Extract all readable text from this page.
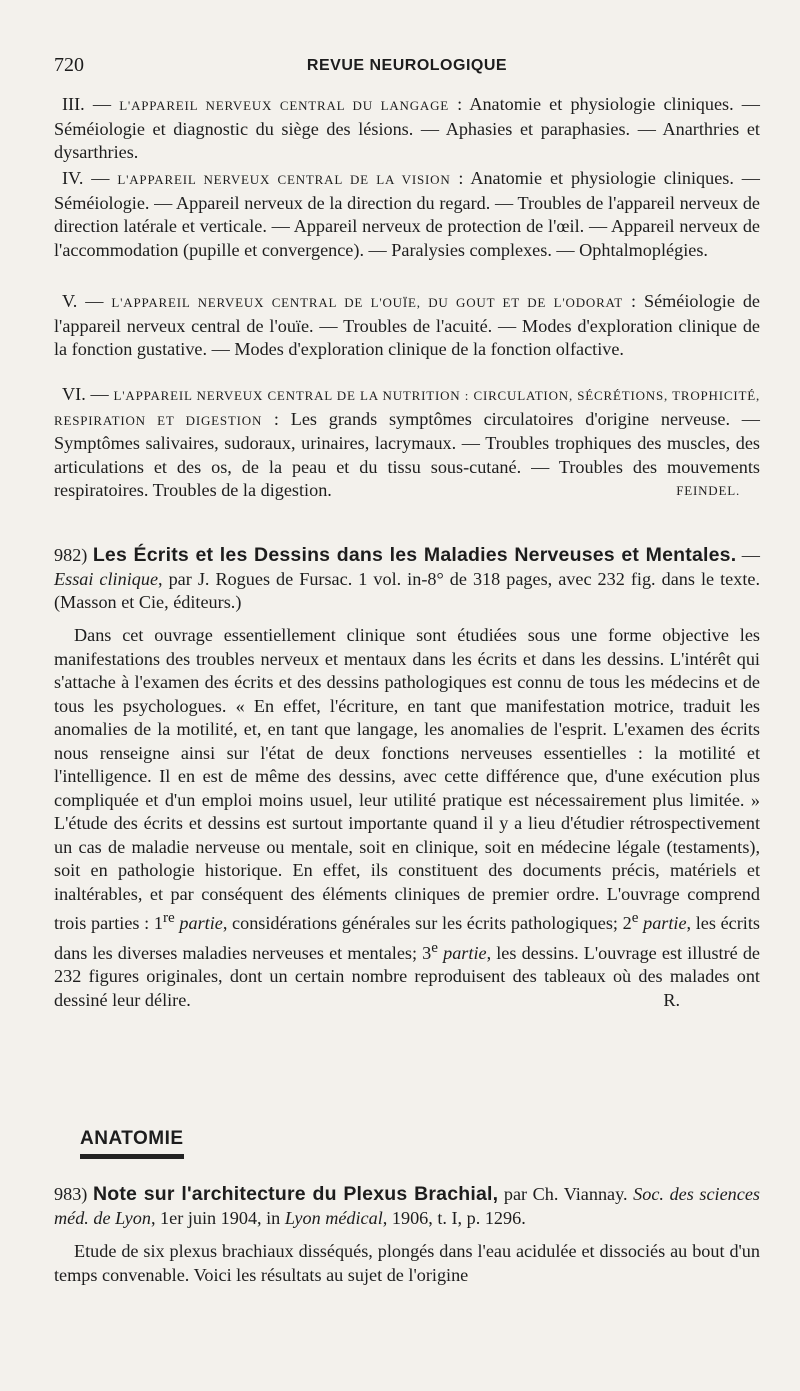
720	REVUE NEUROLOGIQUE
III. — L'APPAREIL NERVEUX CENTRAL DU LANGAGE : Anatomie et physiologie cliniques. — Séméiologie et diagnostic du siège des lésions. — Aphasies et paraphasies. — Anarthries et dysarthries.
IV. — L'APPAREIL NERVEUX CENTRAL DE LA VISION : Anatomie et physiologie cliniques. — Séméiologie. — Appareil nerveux de la direction du regard. — Troubles de l'appareil nerveux de direction latérale et verticale. — Appareil nerveux de protection de l'œil. — Appareil nerveux de l'accommodation (pupille et convergence). — Paralysies complexes. — Ophtalmoplégies.
V. — L'APPAREIL NERVEUX CENTRAL DE L'OUÏE, DU GOUT ET DE L'ODORAT : Séméiologie de l'appareil nerveux central de l'ouïe. — Troubles de l'acuité. — Modes d'exploration clinique de la fonction gustative. — Modes d'exploration clinique de la fonction olfactive.
VI. — L'APPAREIL NERVEUX CENTRAL DE LA NUTRITION : CIRCULATION, SÉCRÉTIONS, TROPHICITÉ, RESPIRATION ET DIGESTION : Les grands symptômes circulatoires d'origine nerveuse. — Symptômes salivaires, sudoraux, urinaires, lacrymaux. — Troubles trophiques des muscles, des articulations et des os, de la peau et du tissu sous-cutané. — Troubles des mouvements respiratoires. Troubles de la digestion.	FEINDEL.
982) Les Écrits et les Dessins dans les Maladies Nerveuses et Mentales. — Essai clinique, par J. Rogues de Fursac. 1 vol. in-8° de 318 pages, avec 232 fig. dans le texte. (Masson et Cie, éditeurs.)
Dans cet ouvrage essentiellement clinique sont étudiées sous une forme objective les manifestations des troubles nerveux et mentaux dans les écrits et dans les dessins. L'intérêt qui s'attache à l'examen des écrits et des dessins pathologiques est connu de tous les médecins et de tous les psychologues. « En effet, l'écriture, en tant que manifestation motrice, traduit les anomalies de la motilité, et, en tant que langage, les anomalies de l'esprit. L'examen des écrits nous renseigne ainsi sur l'état de deux fonctions nerveuses essentielles : la motilité et l'intelligence. Il en est de même des dessins, avec cette différence que, d'une exécution plus compliquée et d'un emploi moins usuel, leur utilité pratique est nécessairement plus limitée. » L'étude des écrits et dessins est surtout importante quand il y a lieu d'étudier rétrospectivement un cas de maladie nerveuse ou mentale, soit en clinique, soit en médecine légale (testaments), soit en pathologie historique. En effet, ils constituent des documents précis, matériels et inaltérables, et par conséquent des éléments cliniques de premier ordre. L'ouvrage comprend trois parties : 1re partie, considérations générales sur les écrits pathologiques; 2e partie, les écrits dans les diverses maladies nerveuses et mentales; 3e partie, les dessins. L'ouvrage est illustré de 232 figures originales, dont un certain nombre reproduisent des tableaux où des malades ont dessiné leur délire.	R.
ANATOMIE
983) Note sur l'architecture du Plexus Brachial, par Ch. Viannay. Soc. des sciences méd. de Lyon, 1er juin 1904, in Lyon médical, 1906, t. I, p. 1296.
Etude de six plexus brachiaux disséqués, plongés dans l'eau acidulée et dissociés au bout d'un temps convenable. Voici les résultats au sujet de l'origine
